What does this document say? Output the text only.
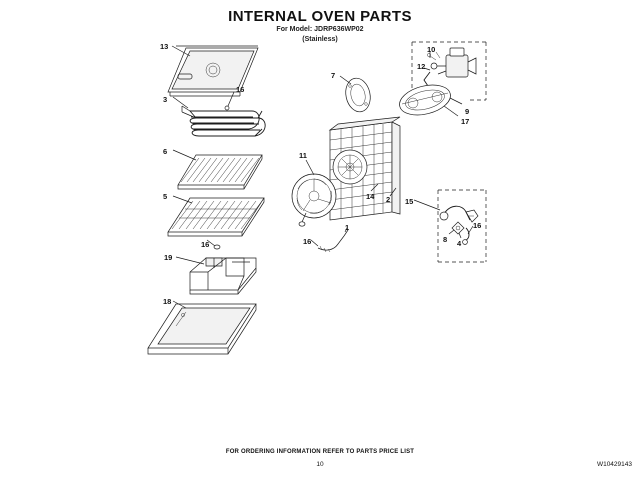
INTERNAL OVEN PARTS
For Model: JDRP636WP02
(Stainless)
13
3
16
6
5
16
19
18
7
11
16
1
14 2
10
12
9
17
15
8 4
16
FOR ORDERING INFORMATION REFER TO PARTS PRICE LIST
10	W10429143
